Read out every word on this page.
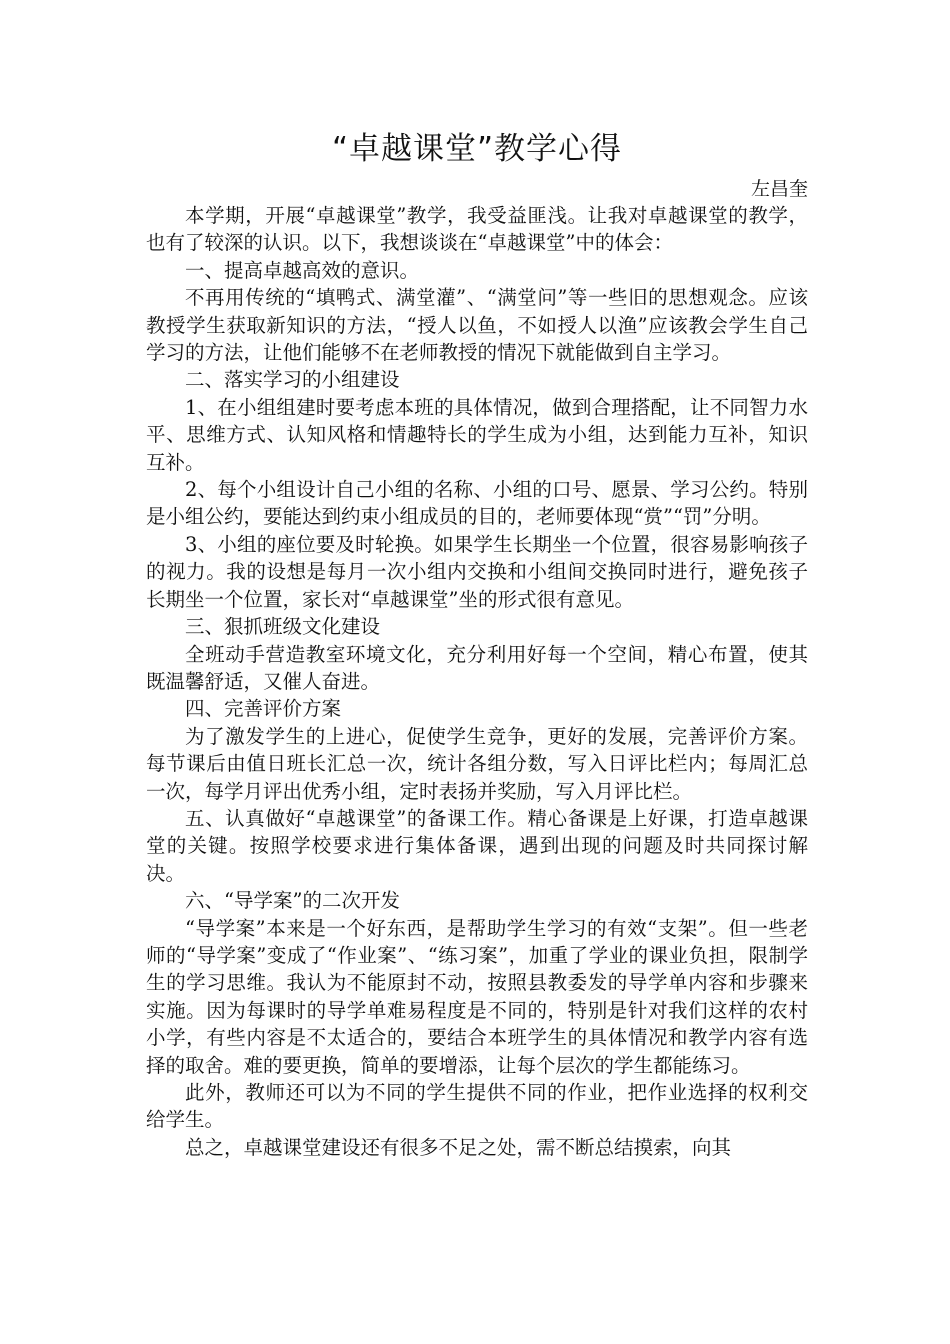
“卓越课堂”教学心得

左昌奎

本学期，开展“卓越课堂”教学，我受益匪浅。让我对卓越课堂的教学，也有了较深的认识。以下，我想谈谈在“卓越课堂”中的体会：

一、提高卓越高效的意识。

不再用传统的“填鸭式、满堂灌”、“满堂问”等一些旧的思想观念。应该教授学生获取新知识的方法，“授人以鱼，不如授人以渔”应该教会学生自己学习的方法，让他们能够不在老师教授的情况下就能做到自主学习。

二、落实学习的小组建设

1、在小组组建时要考虑本班的具体情况，做到合理搭配，让不同智力水平、思维方式、认知风格和情趣特长的学生成为小组，达到能力互补，知识互补。

2、每个小组设计自己小组的名称、小组的口号、愿景、学习公约。特别是小组公约，要能达到约束小组成员的目的，老师要体现“赏”“罚”分明。

3、小组的座位要及时轮换。如果学生长期坐一个位置，很容易影响孩子的视力。我的设想是每月一次小组内交换和小组间交换同时进行，避免孩子长期坐一个位置，家长对“卓越课堂”坐的形式很有意见。

三、狠抓班级文化建设

全班动手营造教室环境文化，充分利用好每一个空间，精心布置，使其既温馨舒适，又催人奋进。

四、完善评价方案

为了激发学生的上进心，促使学生竞争，更好的发展，完善评价方案。每节课后由值日班长汇总一次，统计各组分数，写入日评比栏内；每周汇总一次，每学月评出优秀小组，定时表扬并奖励，写入月评比栏。

五、认真做好“卓越课堂”的备课工作。精心备课是上好课，打造卓越课堂的关键。按照学校要求进行集体备课，遇到出现的问题及时共同探讨解决。

六、“导学案”的二次开发

“导学案”本来是一个好东西，是帮助学生学习的有效“支架”。但一些老师的“导学案”变成了“作业案”、“练习案”，加重了学业的课业负担，限制学生的学习思维。我认为不能原封不动，按照县教委发的导学单内容和步骤来实施。因为每课时的导学单难易程度是不同的，特别是针对我们这样的农村小学，有些内容是不太适合的，要结合本班学生的具体情况和教学内容有选择的取舍。难的要更换，简单的要增添，让每个层次的学生都能练习。

此外，教师还可以为不同的学生提供不同的作业，把作业选择的权利交给学生。

总之，卓越课堂建设还有很多不足之处，需不断总结摸索，向其
